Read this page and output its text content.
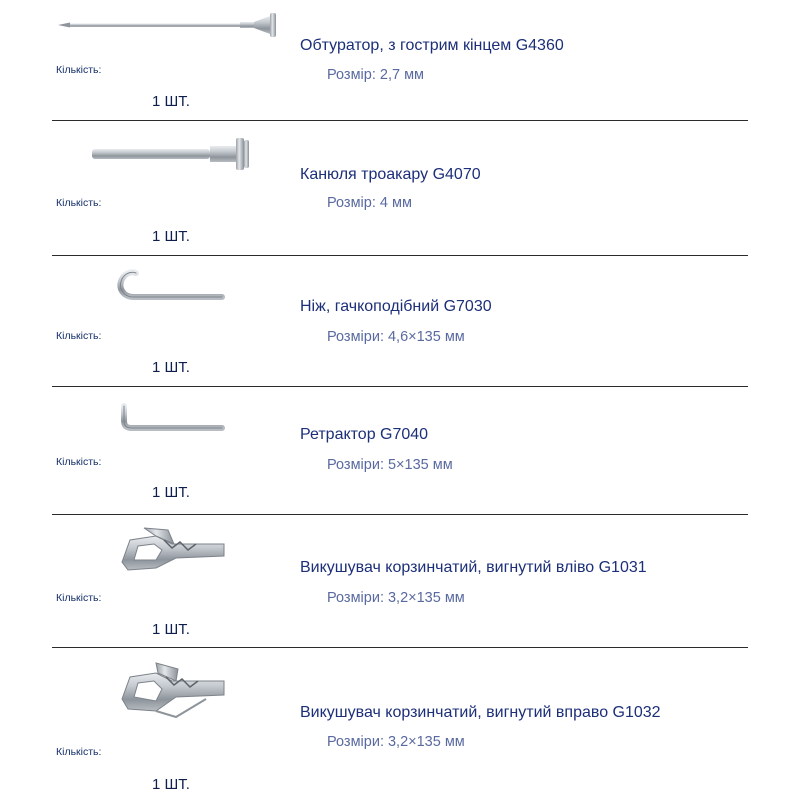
Кількість:
1 ШТ.
Обтуратор, з гострим кінцем G4360
Розмір: 2,7 мм
Кількість:
1 ШТ.
Канюля троакару G4070
Розмір: 4 мм
Кількість:
1 ШТ.
Ніж, гачкоподібний G7030
Розміри: 4,6×135 мм
Кількість:
1 ШТ.
Ретрактор G7040
Розміри: 5×135 мм
Кількість:
1 ШТ.
Викушувач корзинчатий, вигнутий вліво G1031
Розміри: 3,2×135 мм
Кількість:
1 ШТ.
Викушувач корзинчатий, вигнутий вправо G1032
Розміри: 3,2×135 мм
